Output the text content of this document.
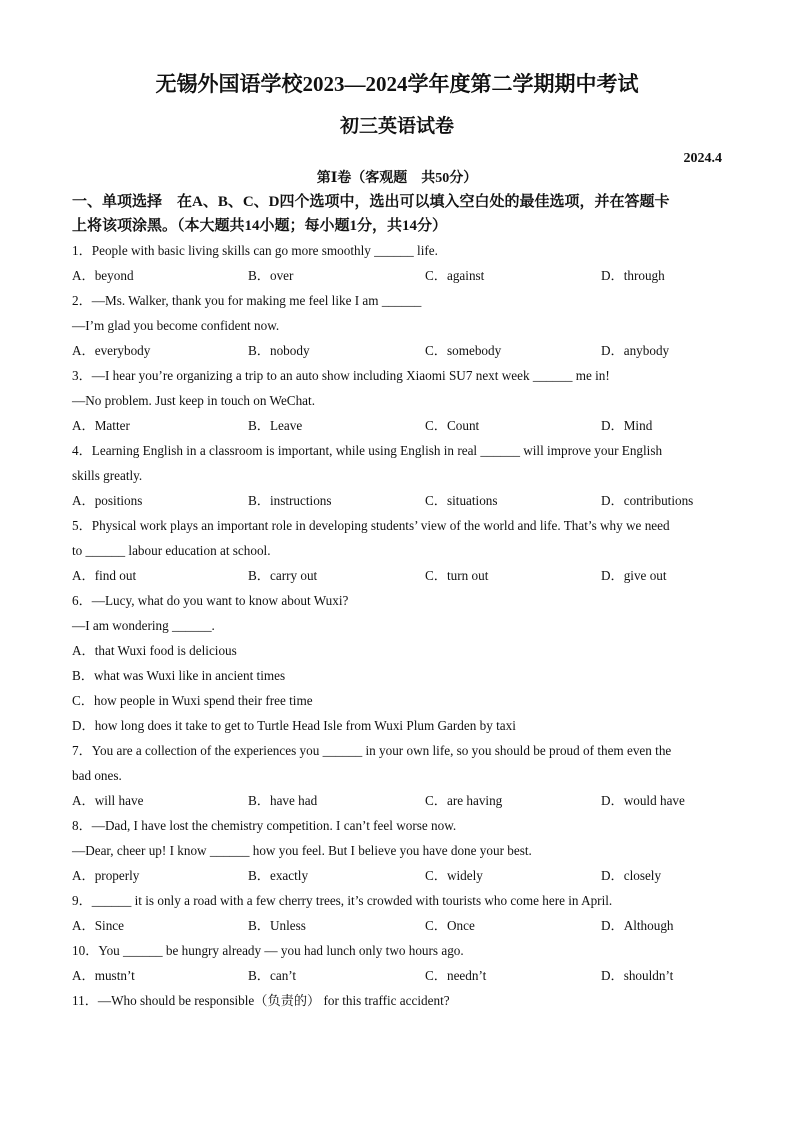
无锡外国语学校2023—2024学年度第二学期期中考试
初三英语试卷
2024.4
第Ⅰ卷（客观题　共50分）
一、单项选择　在A、B、C、D四个选项中，选出可以填入空白处的最佳选项，并在答题卡
上将该项涂黑。（本大题共14小题；每小题1分，共14分）
1．People with basic living skills can go more smoothly ______ life.
A．beyond	B．over	C．against	D．through
2．—Ms. Walker, thank you for making me feel like I am ______
—I’m glad you become confident now.
A．everybody	B．nobody	C．somebody	D．anybody
3．—I hear you’re organizing a trip to an auto show including Xiaomi SU7 next week ______ me in!
—No problem. Just keep in touch on WeChat.
A．Matter	B．Leave	C．Count	D．Mind
4．Learning English in a classroom is important, while using English in real ______ will improve your English
skills greatly.
A．positions	B．instructions	C．situations	D．contributions
5．Physical work plays an important role in developing students’ view of the world and life. That’s why we need
to ______ labour education at school.
A．find out	B．carry out	C．turn out	D．give out
6．—Lucy, what do you want to know about Wuxi?
—I am wondering ______.
A．that Wuxi food is delicious
B．what was Wuxi like in ancient times
C．how people in Wuxi spend their free time
D．how long does it take to get to Turtle Head Isle from Wuxi Plum Garden by taxi
7．You are a collection of the experiences you ______ in your own life, so you should be proud of them even the
bad ones.
A．will have	B．have had	C．are having	D．would have
8．—Dad, I have lost the chemistry competition. I can’t feel worse now.
—Dear, cheer up! I know ______ how you feel. But I believe you have done your best.
A．properly	B．exactly	C．widely	D．closely
9．______ it is only a road with a few cherry trees, it’s crowded with tourists who come here in April.
A．Since	B．Unless	C．Once	D．Although
10．You ______ be hungry already — you had lunch only two hours ago.
A．mustn’t	B．can’t	C．needn’t	D．shouldn’t
11．—Who should be responsible（负责的） for this traffic accident?
